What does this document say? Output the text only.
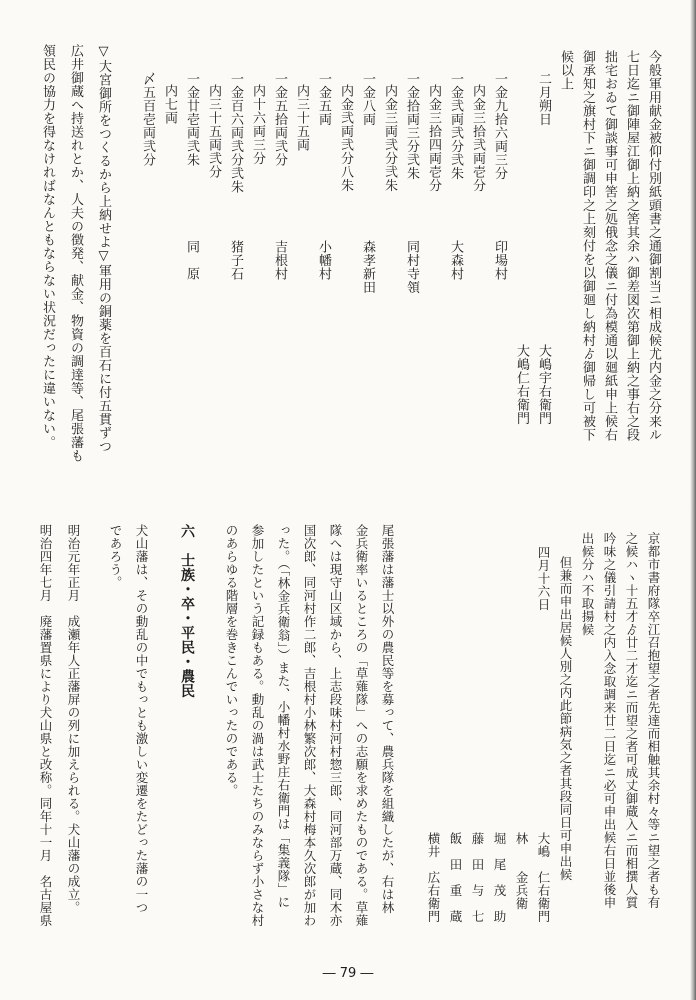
今般軍用献金被仰付別紙頭書之通御割当ニ相成候尤内金之分来ル
七日迄ニ御陣屋江御上納之筈其余ハ御差図次第御上納之事右之段
拙宅おゐて御談事可申筈之処俄念之儀ニ付為模通以廻紙申上候右
御承知之旗村下ニ御調印之上刻付を以御廻し納村ゟ御帰し可被下
候以上
二月朔日
大嶋宇右衛門
大嶋仁右衛門
一金九拾六両三分
印場村
内金三拾弐両壱分
一金弐両弐分弐朱
大森村
内金三拾四両壱分
一金拾両三分弐朱
同村寺領
内金三両弐分弐朱
一金八両
森孝新田
内金弐両弐分八朱
一金五両
小幡村
内三十五両
一金五拾両弐分
吉根村
内十六両三分
一金百六両弐分弐朱
猪子石
内三十五両弐分
一金廿壱両弐朱
同　原
内七両
〆五百壱両弐分
▽大宮御所をつくるから上納せよ▽軍用の銅薬を百石に付五貫ずつ
広井御蔵へ持送れとか、人夫の徴発、献金、物資の調達等、尾張藩も
領民の協力を得なければなんともならない状況だったに違いない。
京都市書府隊卒江召抱望之者先達而相触其余村々等ニ望之者も有
之候ハヽ十五才ゟ廿二才迄ニ而望之者可成丈御蔵入ニ而相撰人質
吟味之儀引請村之内入念取調来廿二日迄ニ必可申出候右日並後申
出候分ハ不取揚候
但兼而申出居候人別之内此節病気之者其段同日可申出候
四月十六日
大嶋　仁右衛門
林　　金兵衛
堀　尾　茂　助
藤　田　与　七
飯　田　重　蔵
横井　広右衛門
尾張藩は藩士以外の農民等を募って、農兵隊を組織したが、右は林
金兵衛率いるところの「草薙隊」への志願を求めたものである。草薙
隊へは現守山区域から、上志段味村河村惣三郎、同河部万蔵、同木亦
国次郎、同河村作二郎、吉根村小林繁次郎、大森村梅本久次郎が加わ
った。（「林金兵衛翁」）また、小幡村水野庄右衛門は「集義隊」に
参加したという記録もある。動乱の渦は武士たちのみならず小さな村
のあらゆる階層を巻きこんでいったのである。
六　士族・卒・平民・農民
犬山藩は、その動乱の中でもっとも激しい変遷をたどった藩の一つ
であろう。
明治元年正月　成瀬年人正藩屏の列に加えられる。犬山藩の成立。
明治四年七月　廃藩置県により犬山県と改称。同年十一月　名古屋県
― 79 ―
